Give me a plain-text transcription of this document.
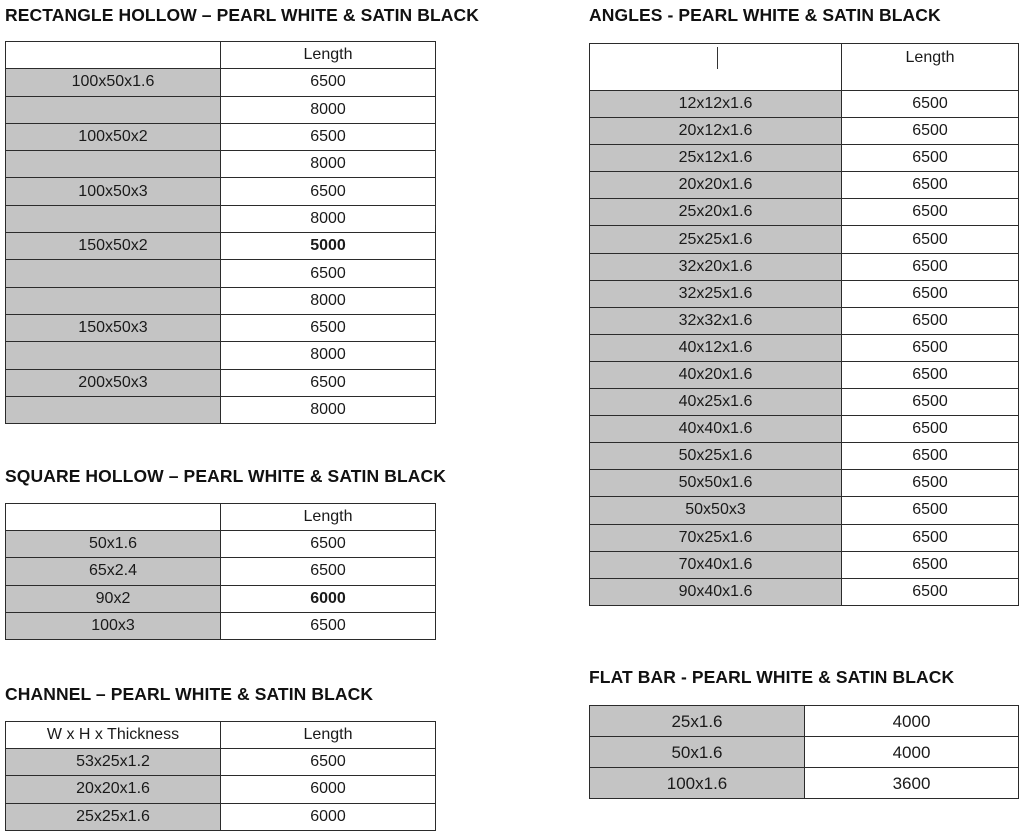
RECTANGLE HOLLOW – PEARL WHITE & SATIN BLACK
	Length
100x50x1.6	6500
	8000
100x50x2	6500
	8000
100x50x3	6500
	8000
150x50x2	5000
	6500
	8000
150x50x3	6500
	8000
200x50x3	6500
	8000
SQUARE HOLLOW – PEARL WHITE & SATIN BLACK
	Length
50x1.6	6500
65x2.4	6500
90x2	6000
100x3	6500
CHANNEL – PEARL WHITE & SATIN BLACK
W x H x Thickness	Length
53x25x1.2	6500
20x20x1.6	6000
25x25x1.6	6000
ANGLES - PEARL WHITE & SATIN BLACK
	Length
12x12x1.6	6500
20x12x1.6	6500
25x12x1.6	6500
20x20x1.6	6500
25x20x1.6	6500
25x25x1.6	6500
32x20x1.6	6500
32x25x1.6	6500
32x32x1.6	6500
40x12x1.6	6500
40x20x1.6	6500
40x25x1.6	6500
40x40x1.6	6500
50x25x1.6	6500
50x50x1.6	6500
50x50x3	6500
70x25x1.6	6500
70x40x1.6	6500
90x40x1.6	6500
FLAT BAR - PEARL WHITE & SATIN BLACK
25x1.6	4000
50x1.6	4000
100x1.6	3600
